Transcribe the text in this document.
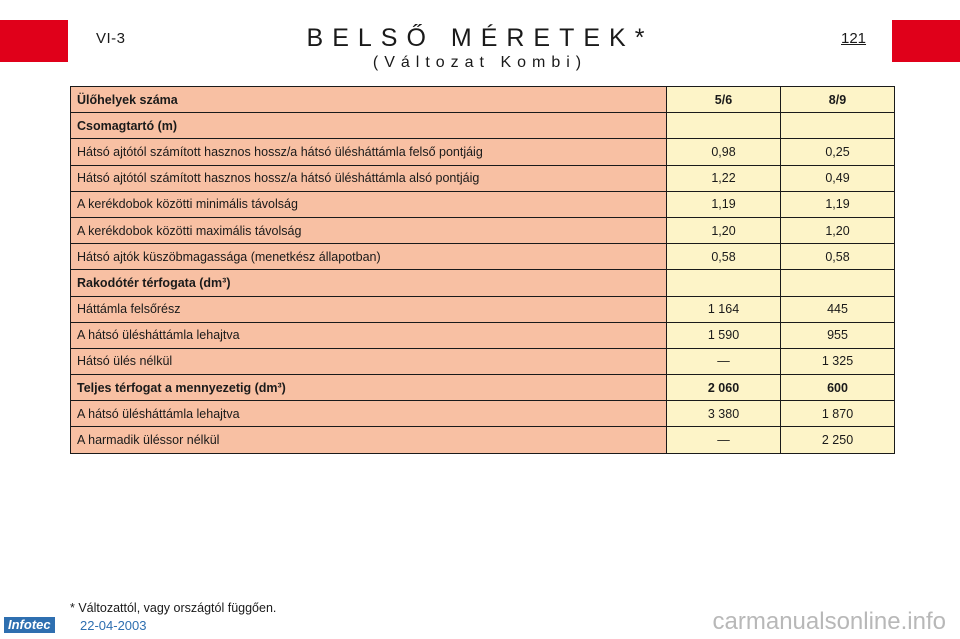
VI-3	BELSŐ MÉRETEK*
(Változat Kombi)
121
Ülőhelyek száma	5/6	8/9
Csomagtartó (m)		
Hátsó ajtótól számított hasznos hossz/a hátsó ülésháttámla felső pontjáig	0,98	0,25
Hátsó ajtótól számított hasznos hossz/a hátsó ülésháttámla alsó pontjáig	1,22	0,49
A kerékdobok közötti minimális távolság	1,19	1,19
A kerékdobok közötti maximális távolság	1,20	1,20
Hátsó ajtók küszöbmagassága (menetkész állapotban)	0,58	0,58
Rakodótér térfogata (dm³)		
Háttámla felsőrész	1 164	445
A hátsó ülésháttámla lehajtva	1 590	955
Hátsó ülés nélkül	—	1 325
Teljes térfogat a mennyezetig (dm³)	2 060	600
A hátsó ülésháttámla lehajtva	3 380	1 870
A harmadik üléssor nélkül	—	2 250
* Változattól, vagy országtól függően.
Infotec	22-04-2003	carmanualsonline.info
